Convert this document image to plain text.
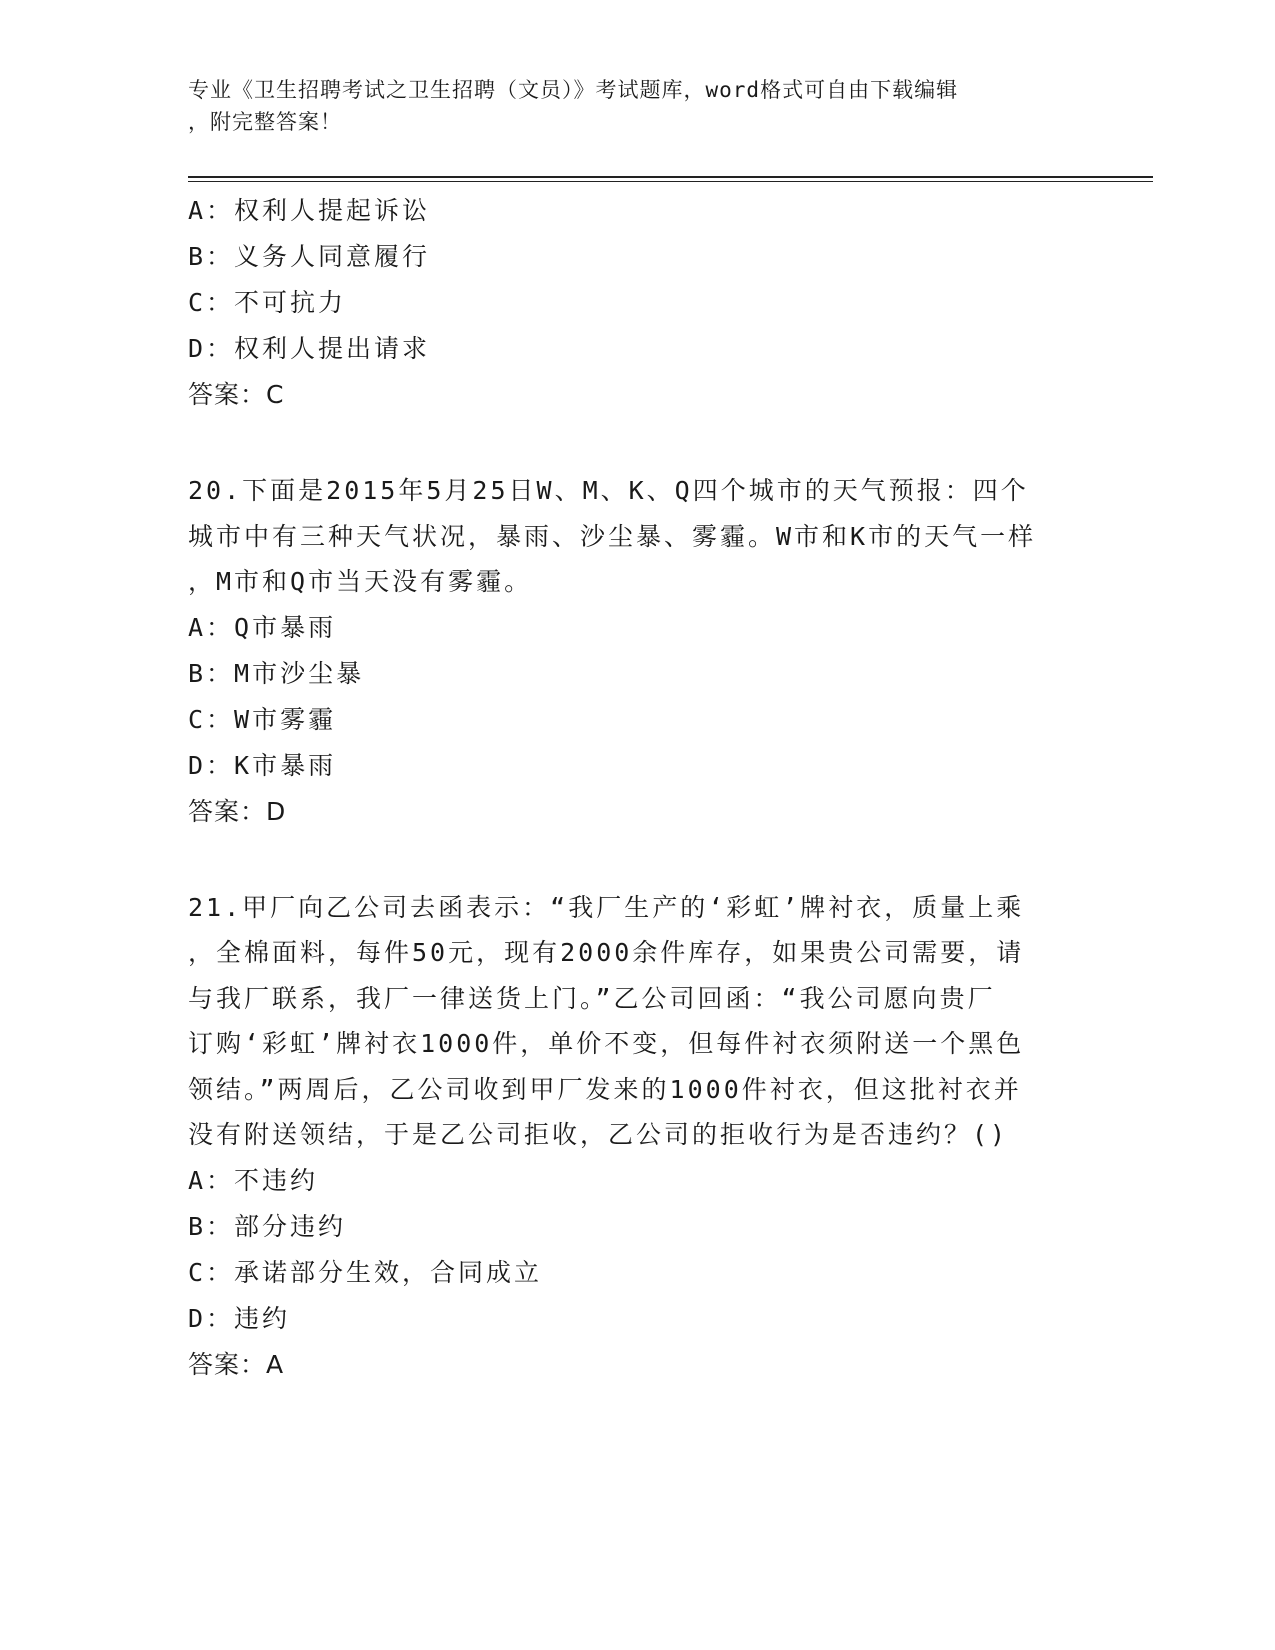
专业《卫生招聘考试之卫生招聘（文员）》考试题库，word格式可自由下载编辑
，附完整答案！
A：权利人提起诉讼
B：义务人同意履行
C：不可抗力
D：权利人提出请求
答案：C
20.下面是2015年5月25日W、M、K、Q四个城市的天气预报：四个
城市中有三种天气状况，暴雨、沙尘暴、雾霾。W市和K市的天气一样
，M市和Q市当天没有雾霾。
A：Q市暴雨
B：M市沙尘暴
C：W市雾霾
D：K市暴雨
答案：D
21.甲厂向乙公司去函表示：“我厂生产的‘彩虹’牌衬衣，质量上乘
，全棉面料，每件50元，现有2000余件库存，如果贵公司需要，请
与我厂联系，我厂一律送货上门。”乙公司回函：“我公司愿向贵厂
订购‘彩虹’牌衬衣1000件，单价不变，但每件衬衣须附送一个黑色
领结。”两周后，乙公司收到甲厂发来的1000件衬衣，但这批衬衣并
没有附送领结，于是乙公司拒收，乙公司的拒收行为是否违约？()
A：不违约
B：部分违约
C：承诺部分生效，合同成立
D：违约
答案：A
